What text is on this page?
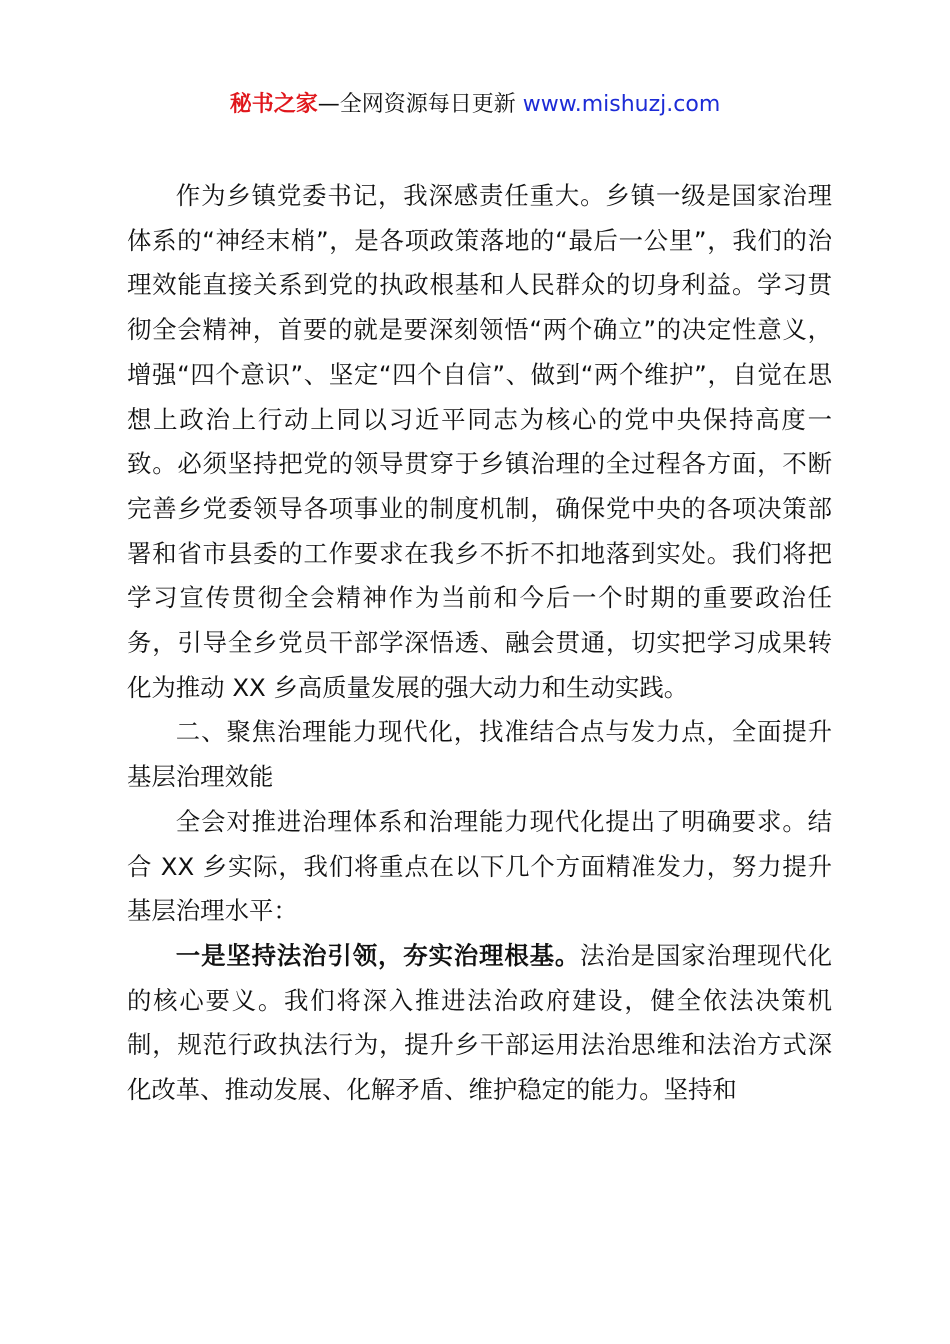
秘书之家—全网资源每日更新 www.mishuzj.com

作为乡镇党委书记，我深感责任重大。乡镇一级是国家治理体系的“神经末梢”，是各项政策落地的“最后一公里”，我们的治理效能直接关系到党的执政根基和人民群众的切身利益。学习贯彻全会精神，首要的就是要深刻领悟“两个确立”的决定性意义，增强“四个意识”、坚定“四个自信”、做到“两个维护”，自觉在思想上政治上行动上同以习近平同志为核心的党中央保持高度一致。必须坚持把党的领导贯穿于乡镇治理的全过程各方面，不断完善乡党委领导各项事业的制度机制，确保党中央的各项决策部署和省市县委的工作要求在我乡不折不扣地落到实处。我们将把学习宣传贯彻全会精神作为当前和今后一个时期的重要政治任务，引导全乡党员干部学深悟透、融会贯通，切实把学习成果转化为推动 XX 乡高质量发展的强大动力和生动实践。

二、聚焦治理能力现代化，找准结合点与发力点，全面提升基层治理效能

全会对推进治理体系和治理能力现代化提出了明确要求。结合 XX 乡实际，我们将重点在以下几个方面精准发力，努力提升基层治理水平：

一是坚持法治引领，夯实治理根基。法治是国家治理现代化的核心要义。我们将深入推进法治政府建设，健全依法决策机制，规范行政执法行为，提升乡干部运用法治思维和法治方式深化改革、推动发展、化解矛盾、维护稳定的能力。坚持和
